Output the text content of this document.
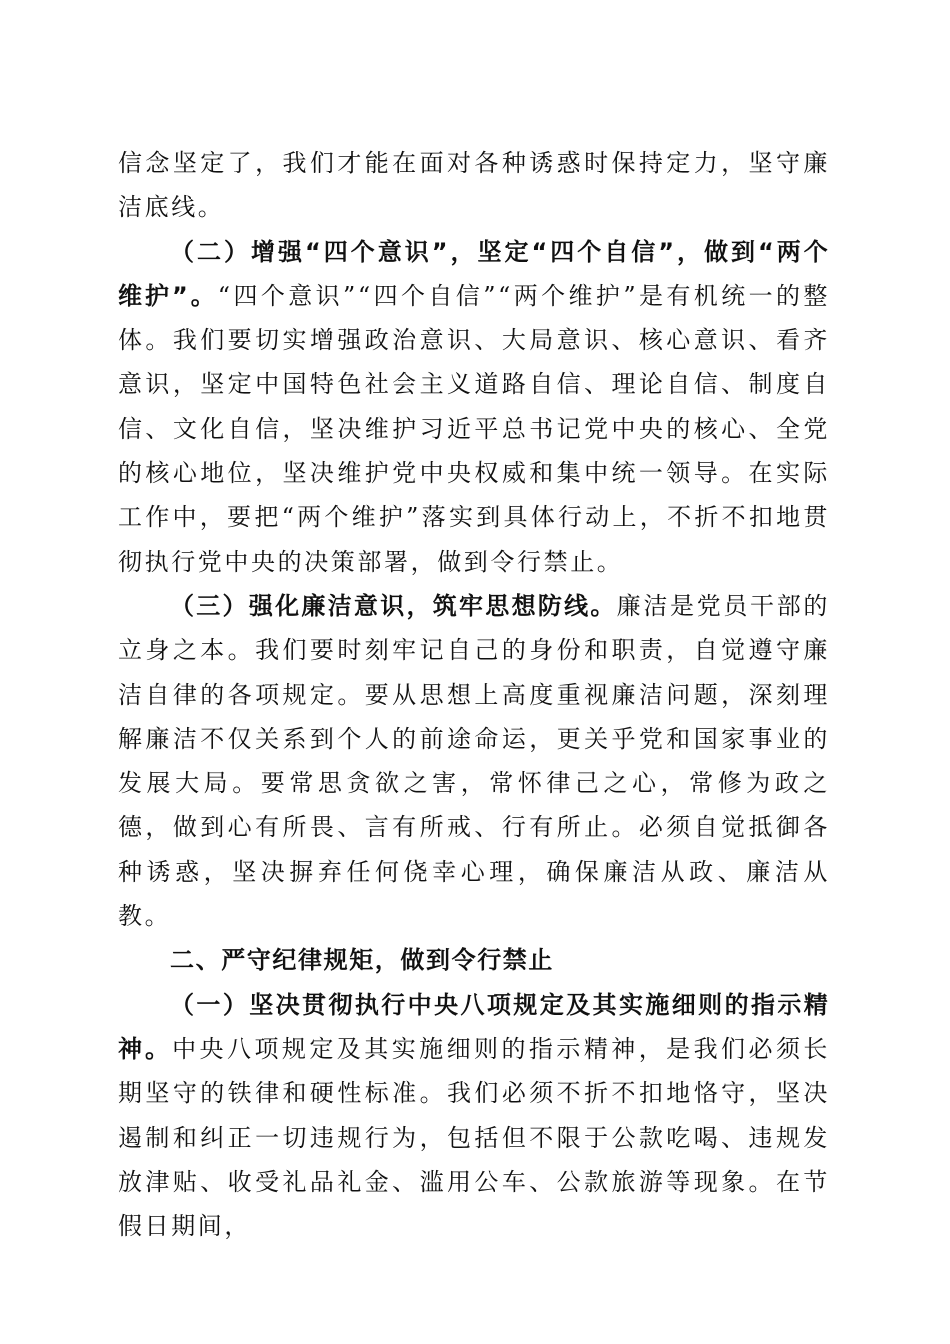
信念坚定了，我们才能在面对各种诱惑时保持定力，坚守廉洁底线。

（二）增强“四个意识”，坚定“四个自信”，做到“两个维护”。“四个意识”“四个自信”“两个维护”是有机统一的整体。我们要切实增强政治意识、大局意识、核心意识、看齐意识，坚定中国特色社会主义道路自信、理论自信、制度自信、文化自信，坚决维护习近平总书记党中央的核心、全党的核心地位，坚决维护党中央权威和集中统一领导。在实际工作中，要把“两个维护”落实到具体行动上，不折不扣地贯彻执行党中央的决策部署，做到令行禁止。

（三）强化廉洁意识，筑牢思想防线。廉洁是党员干部的立身之本。我们要时刻牢记自己的身份和职责，自觉遵守廉洁自律的各项规定。要从思想上高度重视廉洁问题，深刻理解廉洁不仅关系到个人的前途命运，更关乎党和国家事业的发展大局。要常思贪欲之害，常怀律己之心，常修为政之德，做到心有所畏、言有所戒、行有所止。必须自觉抵御各种诱惑，坚决摒弃任何侥幸心理，确保廉洁从政、廉洁从教。

二、严守纪律规矩，做到令行禁止

（一）坚决贯彻执行中央八项规定及其实施细则的指示精神。中央八项规定及其实施细则的指示精神，是我们必须长期坚守的铁律和硬性标准。我们必须不折不扣地恪守，坚决遏制和纠正一切违规行为，包括但不限于公款吃喝、违规发放津贴、收受礼品礼金、滥用公车、公款旅游等现象。在节假日期间，
